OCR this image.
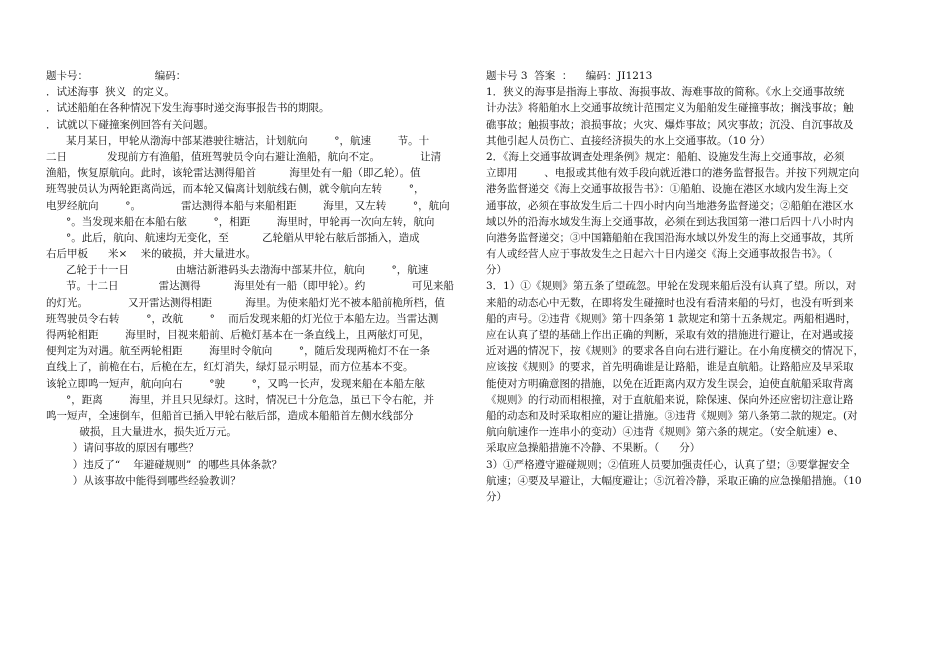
题卡号：                    编码：
．试述海事  狭义  的定义。
．试述船舶在各种情况下发生海事时递交海事报告书的期限。
．试就以下碰撞案例回答有关问题。
某月某日，甲轮从渤海中部某港驶往塘沽，计划航向        °，航速        节。十
二日            发现前方有渔船，值班驾驶员令向右避让渔船，航向不定。            让清
渔船，恢复原航向。此时，该轮雷达测得船首          海里处有一船（即乙轮）。值
班驾驶员认为两轮距离尚远，而本轮又偏离计划航线右侧，就令航向左转        °，
电罗经航向        °。            雷达测得本船与来船相距        海里，又左转        °，航向
°。当发现来船在本船右舷        °，相距        海里时，甲轮再一次向左转，航向
°。此后，航向、航速均无变化，至          乙轮艏从甲轮右舷后部插入，造成
右后甲板      米×    米的破损，并大量进水。
乙轮于十一日              由塘沽新港码头去渤海中部某井位，航向        °，航速
节。十二日            雷达测得          海里处有一船（即甲轮）。约              可见来船
的灯光。            又开雷达测得相距          海里。为使来船灯光不被本船前桅所档，值
班驾驶员令右转        °，改航        °    而后发现来船的灯光位于本船左边。当雷达测
得两轮相距        海里时，目视来船前、后桅灯基本在一条直线上，且两舷灯可见，
便判定为对遇。航至两轮相距        海里时令航向        °，随后发现两桅灯不在一条
直线上了，前桅在右，后桅在左，红灯消失，绿灯显示明显，而方位基本不变。
该轮立即鸣一短声，航向向右        °驶        °，又鸣一长声，发现来船在本船左舷
°，距离        海里，并且只见绿灯。这时，情况已十分危急，虽已下令右舵，并
鸣一短声，全速倒车，但船首已插入甲轮右舷后部，造成本船船首左侧水线部分
破损，且大量进水，损失近万元。
）请问事故的原因有哪些？
）违反了“    年避碰规则”  的哪些具体条款？
）从该事故中能得到哪些经验教训？
题卡号 3  答案  ：    编码：JI1213
1．狭义的海事是指海上事故、海损事故、海难事故的简称。《水上交通事故统
计办法》将船舶水上交通事故统计范围定义为船舶发生碰撞事故；搁浅事故；触
礁事故；触损事故；浪损事故；火灾、爆炸事故；风灾事故；沉没、自沉事故及
其他引起人员伤亡、直接经济损失的水上交通事故。（10 分）
2．《海上交通事故调查处理条例》规定：船舶、设施发生海上交通事故，必须
立即用        、电报或其他有效手段向就近港口的港务监督报告。并按下列规定向
港务监督递交《海上交通事故报告书》：①船舶、设施在港区水域内发生海上交
通事故，必须在事故发生后二十四小时内向当地港务监督递交；②船舶在港区水
域以外的沿海水域发生海上交通事故，必须在到达我国第一港口后四十八小时内
向港务监督递交；③中国籍船舶在我国沿海水域以外发生的海上交通事故，其所
有人或经营人应于事故发生之日起六十日内递交《海上交通事故报告书》。（
分）
3．1）①《规则》第五条了望疏忽。甲轮在发现来船后没有认真了望。所以，对
来船的动态心中无数，在即将发生碰撞时也没有看清来船的号灯，也没有听到来
船的声号。②违背《规则》第十四条第 1 款规定和第十五条规定。两船相遇时，
应在认真了望的基础上作出正确的判断，采取有效的措施进行避让，在对遇或接
近对遇的情况下，按《规则》的要求各自向右进行避让。在小角度横交的情况下，
应该按《规则》的要求，首先明确谁是让路船，谁是直航船。让路船应及早采取
能使对方明确意图的措施，以免在近距离内双方发生误会，迫使直航船采取背离
《规则》的行动而相根撞，对于直航船来说，除保速、保向外还应密切注意让路
船的动态和及时采取相应的避让措施。③违背《规则》第八条第二款的规定。(对
航向航速作一连串小的变动）④违背《规则》第六条的规定。（安全航速）e、
采取应急操船措施不冷静、不果断。（      分）
3）①严格遵守避碰规则；②值班人员要加强责任心，认真了望；③要掌握安全
航速；④要及早避让，大幅度避让；⑤沉着冷静，采取正确的应急操船措施。（10
分）
